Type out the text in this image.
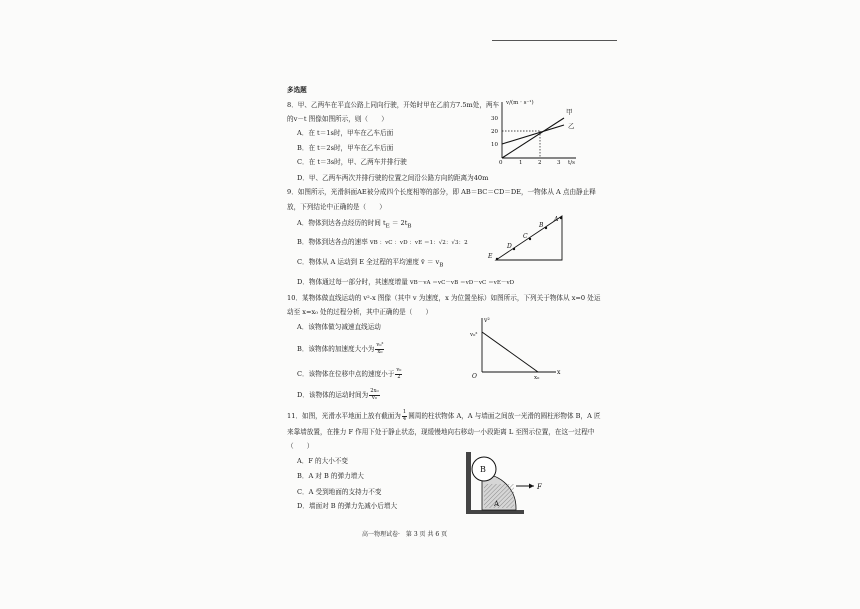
多选题
8．甲、乙两车在平直公路上同向行驶，开始时甲在乙前方7.5m处，两车
的v－t 图像如图所示，则（　　）
A．在 t＝1s时，甲车在乙车后面
B．在 t＝2s时，甲车在乙车后面
C．在 t＝3s时，甲、乙两车并排行驶
D．甲、乙两车两次并排行驶的位置之间沿公路方向的距离为40m
v/(m · s⁻¹)
t/s
10
20
30
0	1	2	3
甲
乙
9．如图所示，光滑斜面AE被分成四个长度相等的部分，即 AB＝BC＝CD＝DE，一物体从 A 点由静止释
放，下列结论中正确的是（　　）
A．物体到达各点经历的时间 $t_E = 2t_B$
B．物体到达各点的速率 vB ：vC ：vD ：vE ＝1：√2：√3：2
C．物体从 A 运动到 E 全过程的平均速度 v̄ ＝ $v_B$
D．物体通过每一部分时，其速度增量 vB－vA ＝vC－vB ＝vD－vC ＝vE－vD
A
B
C
D
E
10．某物体做直线运动的 v²-x 图像（其中 v 为速度，x 为位置坐标）如图所示，下列关于物体从 x=0 处运
动至 x=x₀ 处的过程分析，其中正确的是（　　）
A．该物体做匀减速直线运动
B．该物体的加速度大小为 $\frac{\text{v₀²}}{\text{x₀}}$
C．该物体在位移中点的速度小于 $\frac{\text{v₀}}{2}$
D．该物体的运动时间为 $\frac{\text{2x₀}}{\text{v₀}}$
v²
v₀²
x
x₀
O
11．如图，光滑水平地面上放有截面为 $\frac{1}{4}$ 圆周的柱状物体 A，A 与墙面之间放一光滑的圆柱形物体 B，A 匠
来靠墙放置，在推力 F 作用下处于静止状态，现缓慢地向右移动一小段距离 L 至图示位置，在这一过程中
（　　）
A．F 的大小不变
B．A 对 B 的弹力增大
C．A 受到地面的支持力不变
D．墙面对 B 的弹力先减小后增大
B
A
F
高一物理试卷·　第 3 页 共 6 页
